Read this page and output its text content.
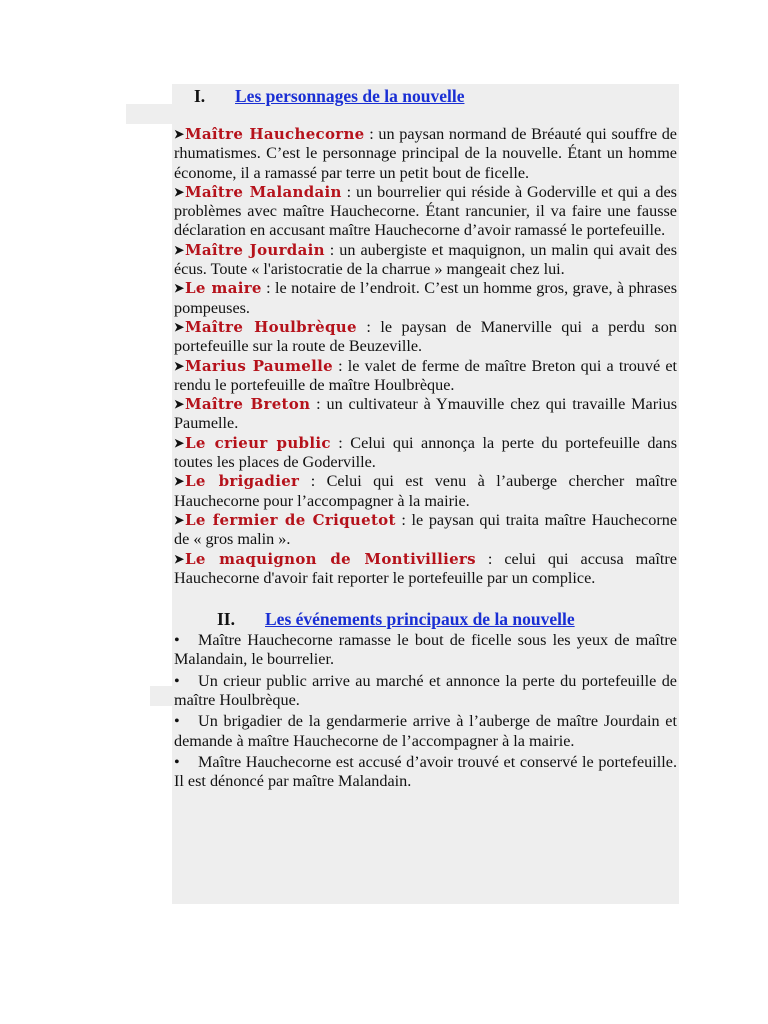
I. Les personnages de la nouvelle

➤Maître Hauchecorne : un paysan normand de Bréauté qui souffre de rhumatismes. C’est le personnage principal de la nouvelle. Étant un homme économe, il a ramassé par terre un petit bout de ficelle.

➤Maître Malandain : un bourrelier qui réside à Goderville et qui a des problèmes avec maître Hauchecorne. Étant rancunier, il va faire une fausse déclaration en accusant maître Hauchecorne d’avoir ramassé le portefeuille.

➤Maître Jourdain : un aubergiste et maquignon, un malin qui avait des écus. Toute « l'aristocratie de la charrue » mangeait chez lui.

➤Le maire : le notaire de l’endroit. C’est un homme gros, grave, à phrases pompeuses.

➤Maître Houlbrèque : le paysan de Manerville qui a perdu son portefeuille sur la route de Beuzeville.

➤Marius Paumelle : le valet de ferme de maître Breton qui a trouvé et rendu le portefeuille de maître Houlbrèque.

➤Maître Breton : un cultivateur à Ymauville chez qui travaille Marius Paumelle.

➤Le crieur public : Celui qui annonça la perte du portefeuille dans toutes les places de Goderville.

➤Le brigadier : Celui qui est venu à l’auberge chercher maître Hauchecorne pour l’accompagner à la mairie.

➤Le fermier de Criquetot : le paysan qui traita maître Hauchecorne de « gros malin ».

➤Le maquignon de Montivilliers : celui qui accusa maître Hauchecorne d'avoir fait reporter le portefeuille par un complice.

II. Les événements principaux de la nouvelle

• Maître Hauchecorne ramasse le bout de ficelle sous les yeux de maître Malandain, le bourrelier.

• Un crieur public arrive au marché et annonce la perte du portefeuille de maître Houlbrèque.

• Un brigadier de la gendarmerie arrive à l’auberge de maître Jourdain et demande à maître Hauchecorne de l’accompagner à la mairie.

• Maître Hauchecorne est accusé d’avoir trouvé et conservé le portefeuille. Il est dénoncé par maître Malandain.
